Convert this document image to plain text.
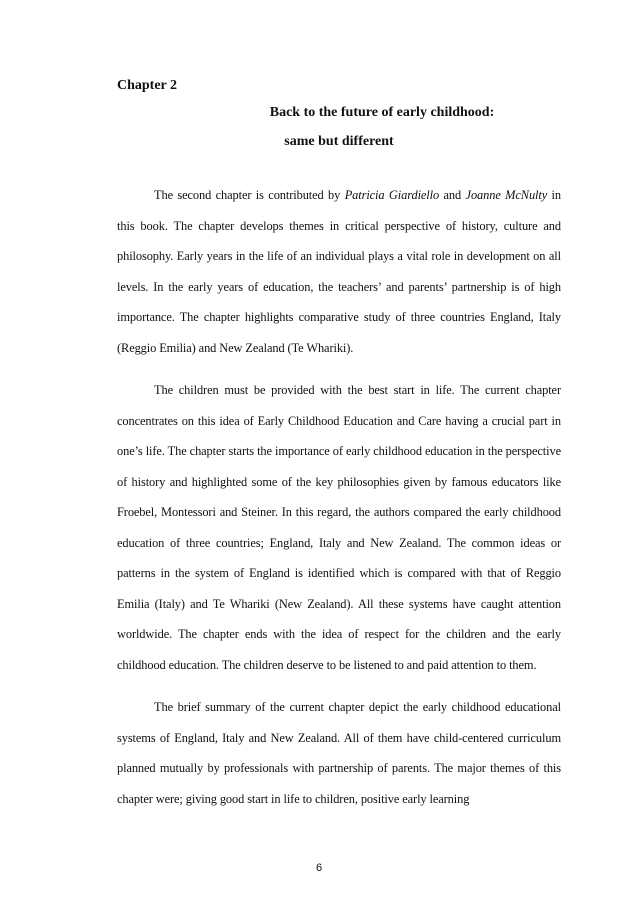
Chapter 2
Back to the future of early childhood:
same but different

The second chapter is contributed by Patricia Giardiello and Joanne McNulty in this book. The chapter develops themes in critical perspective of history, culture and philosophy. Early years in the life of an individual plays a vital role in development on all levels. In the early years of education, the teachers’ and parents’ partnership is of high importance. The chapter highlights comparative study of three countries England, Italy (Reggio Emilia) and New Zealand (Te Whariki).

The children must be provided with the best start in life. The current chapter concentrates on this idea of Early Childhood Education and Care having a crucial part in one’s life. The chapter starts the importance of early childhood education in the perspective of history and highlighted some of the key philosophies given by famous educators like Froebel, Montessori and Steiner. In this regard, the authors compared the early childhood education of three countries; England, Italy and New Zealand. The common ideas or patterns in the system of England is identified which is compared with that of Reggio Emilia (Italy) and Te Whariki (New Zealand). All these systems have caught attention worldwide. The chapter ends with the idea of respect for the children and the early childhood education. The children deserve to be listened to and paid attention to them.

The brief summary of the current chapter depict the early childhood educational systems of England, Italy and New Zealand. All of them have child-centered curriculum planned mutually by professionals with partnership of parents. The major themes of this chapter were; giving good start in life to children, positive early learning

6
